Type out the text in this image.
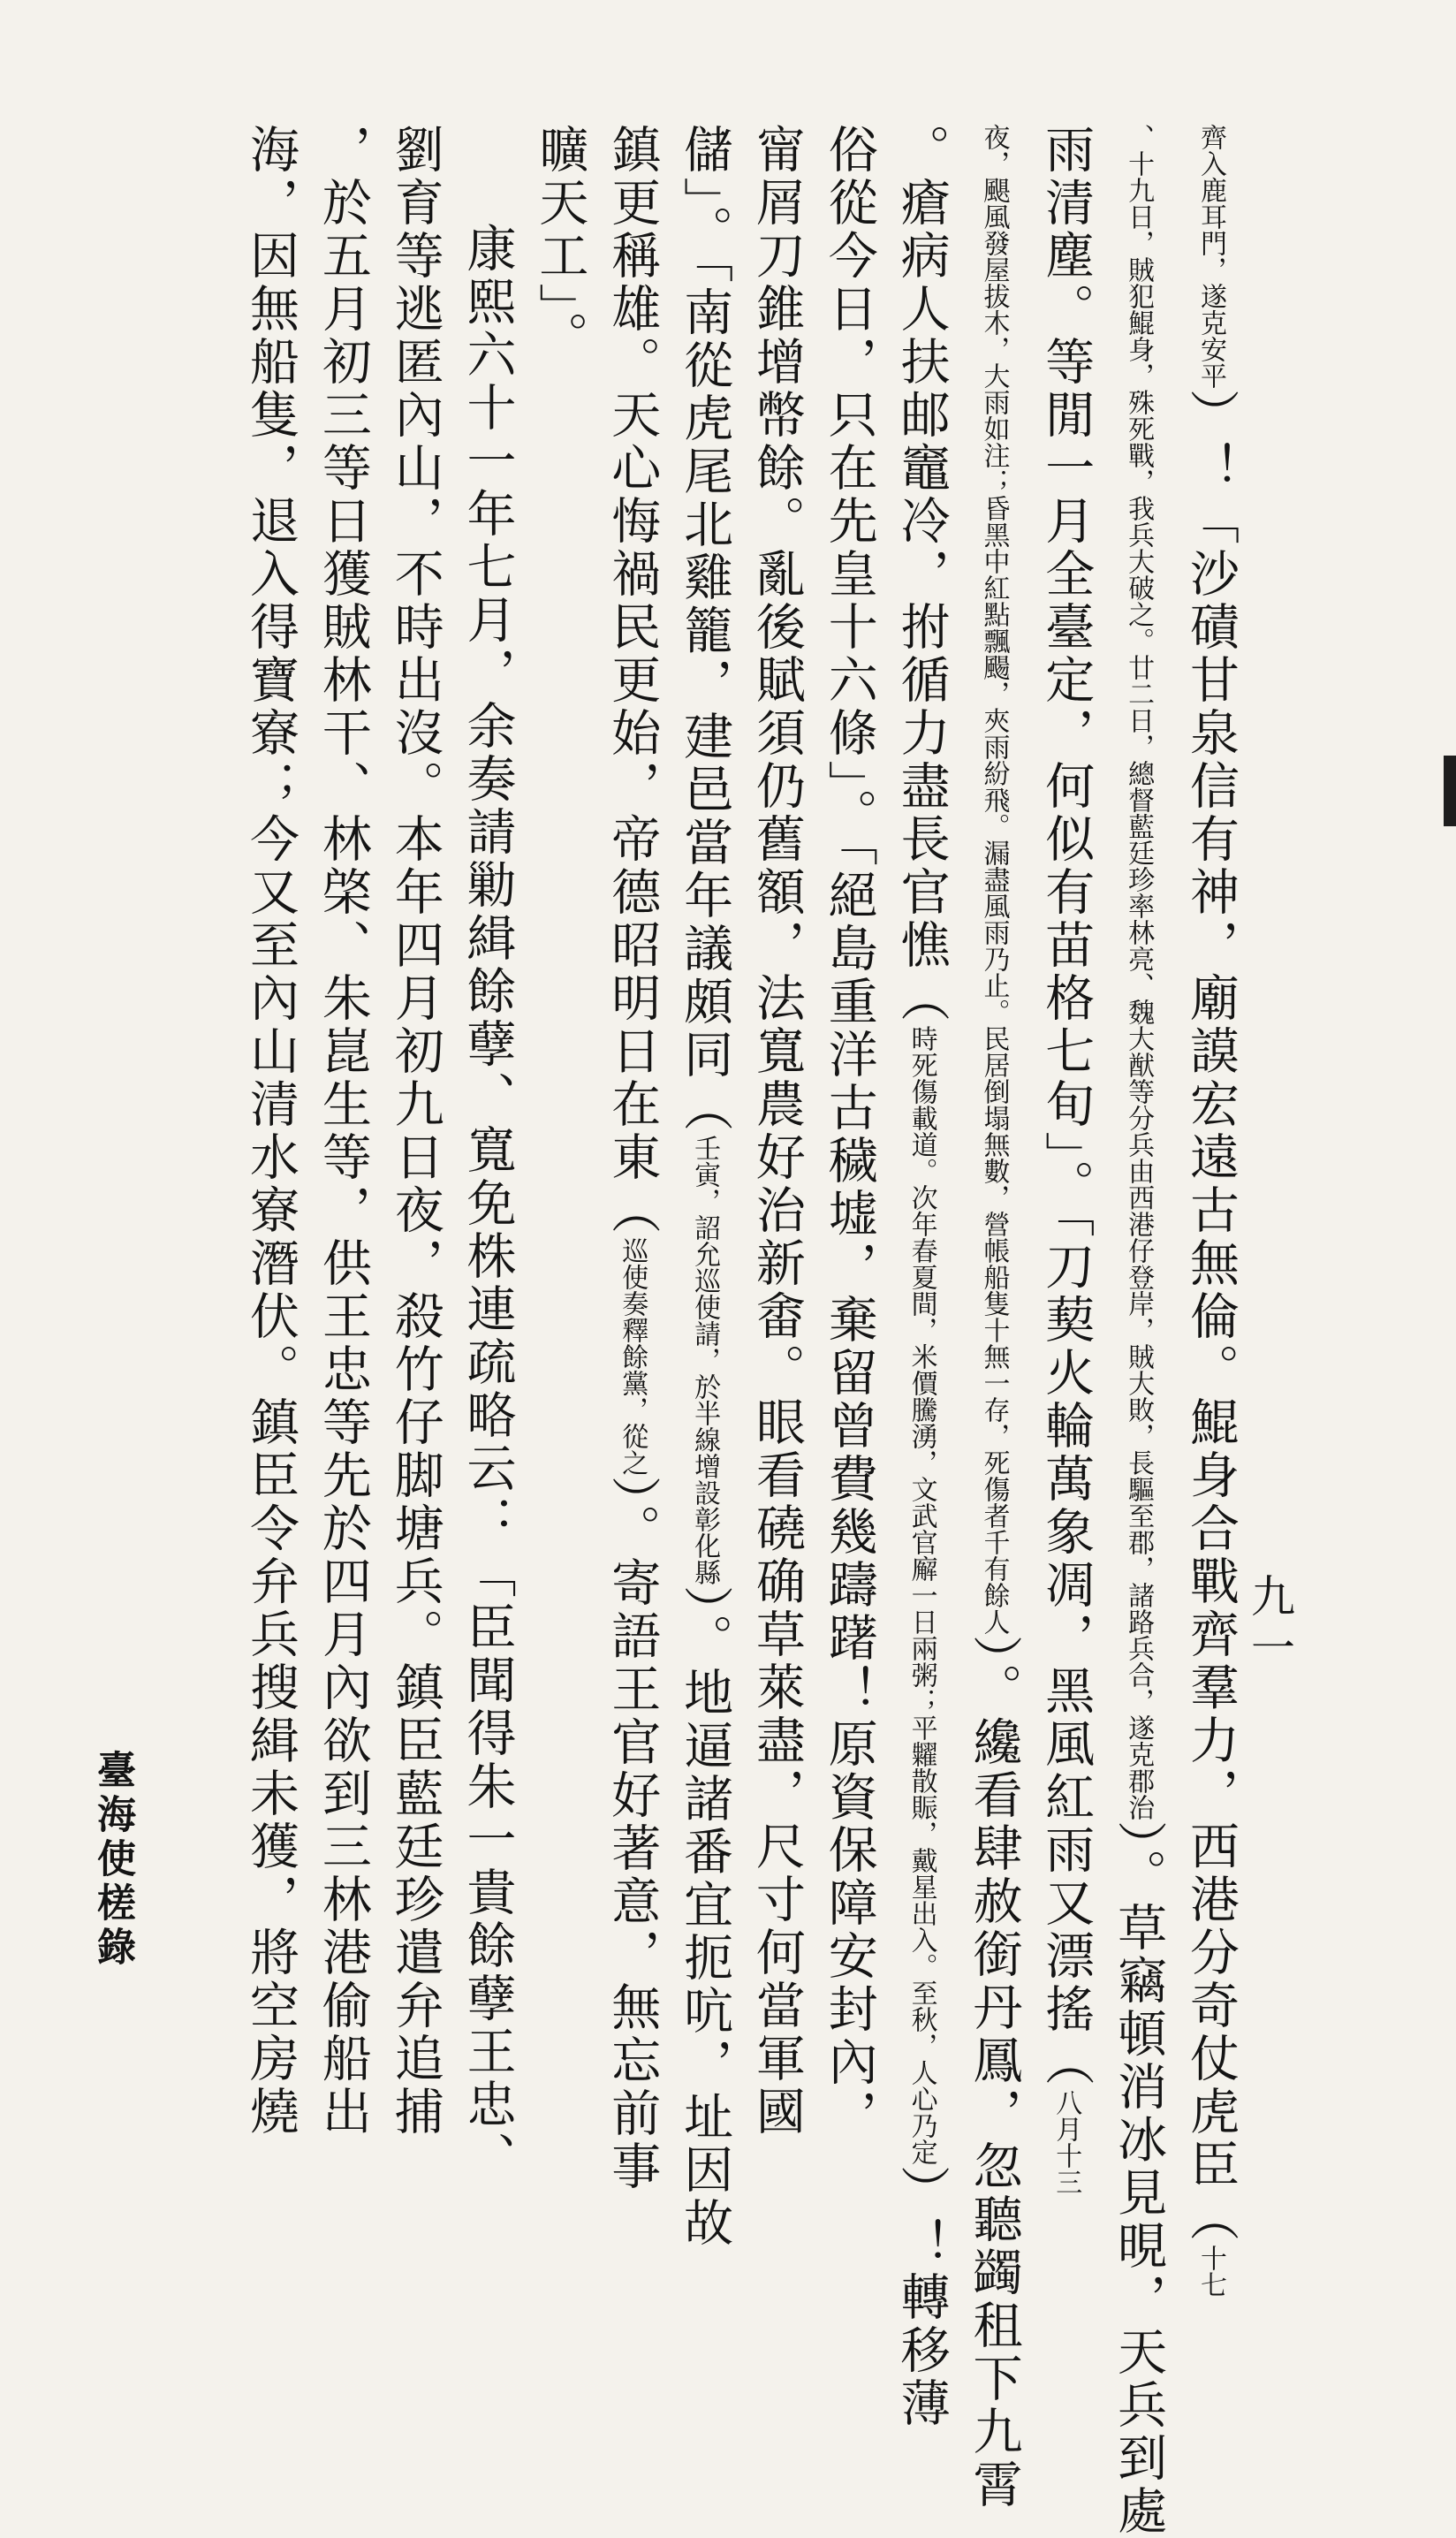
齊入鹿耳門，遂克安平）！「沙磧甘泉信有神，廟謨宏遠古無倫。鯤身合戰齊羣力，西港分奇仗虎臣（十七
、十九日，賊犯鯤身，殊死戰，我兵大破之。廿二日，總督藍廷珍率林亮、魏大猷等分兵由西港仔登岸，賊大敗，長驅至郡，諸路兵合，遂克郡治）。草竊頓消冰見晛，天兵到處
雨清塵。等閒一月全臺定，何似有苗格七旬」。「刀葜火輪萬象凋，黑風紅雨又漂搖（八月十三
夜，颶風發屋拔木，大雨如注；昏黑中紅點飄颺，夾雨紛飛。漏盡風雨乃止。民居倒塌無數，營帳船隻十無一存，死傷者千有餘人）。纔看肆赦銜丹鳳，忽聽蠲租下九霄
。瘡病人扶邮竈冷，拊循力盡長官憔（時死傷載道。次年春夏間，米價騰湧，文武官廨一日兩粥；平糶散賑，戴星出入。至秋，人心乃定）！轉移薄
俗從今日，只在先皇十六條」。「絕島重洋古穢墟，棄留曾費幾躊躇！原資保障安封內，
甯屑刀錐增幣餘。亂後賦須仍舊額，法寬農好治新畬。眼看磽确草萊盡，尺寸何當軍國
儲」。「南從虎尾北雞籠，建邑當年議頗同（壬寅，詔允巡使請，於半線增設彰化縣）。地逼諸番宜扼吭，址因故
鎮更稱雄。天心悔禍民更始，帝德昭明日在東（巡使奏釋餘黨，從之）。寄語王官好著意，無忘前事
曠天工」。
康熙六十一年七月，余奏請勦緝餘孽、寬免株連疏略云：「臣聞得朱一貴餘孽王忠、
劉育等逃匿內山，不時出沒。本年四月初九日夜，殺竹仔脚塘兵。鎮臣藍廷珍遣弁追捕
，於五月初三等日獲賊林干、林棨、朱崑生等，供王忠等先於四月內欲到三林港偷船出
海，因無船隻，退入得寶寮；今又至內山清水寮潛伏。鎮臣令弁兵搜緝未獲，將空房燒	九一
臺海使槎錄
